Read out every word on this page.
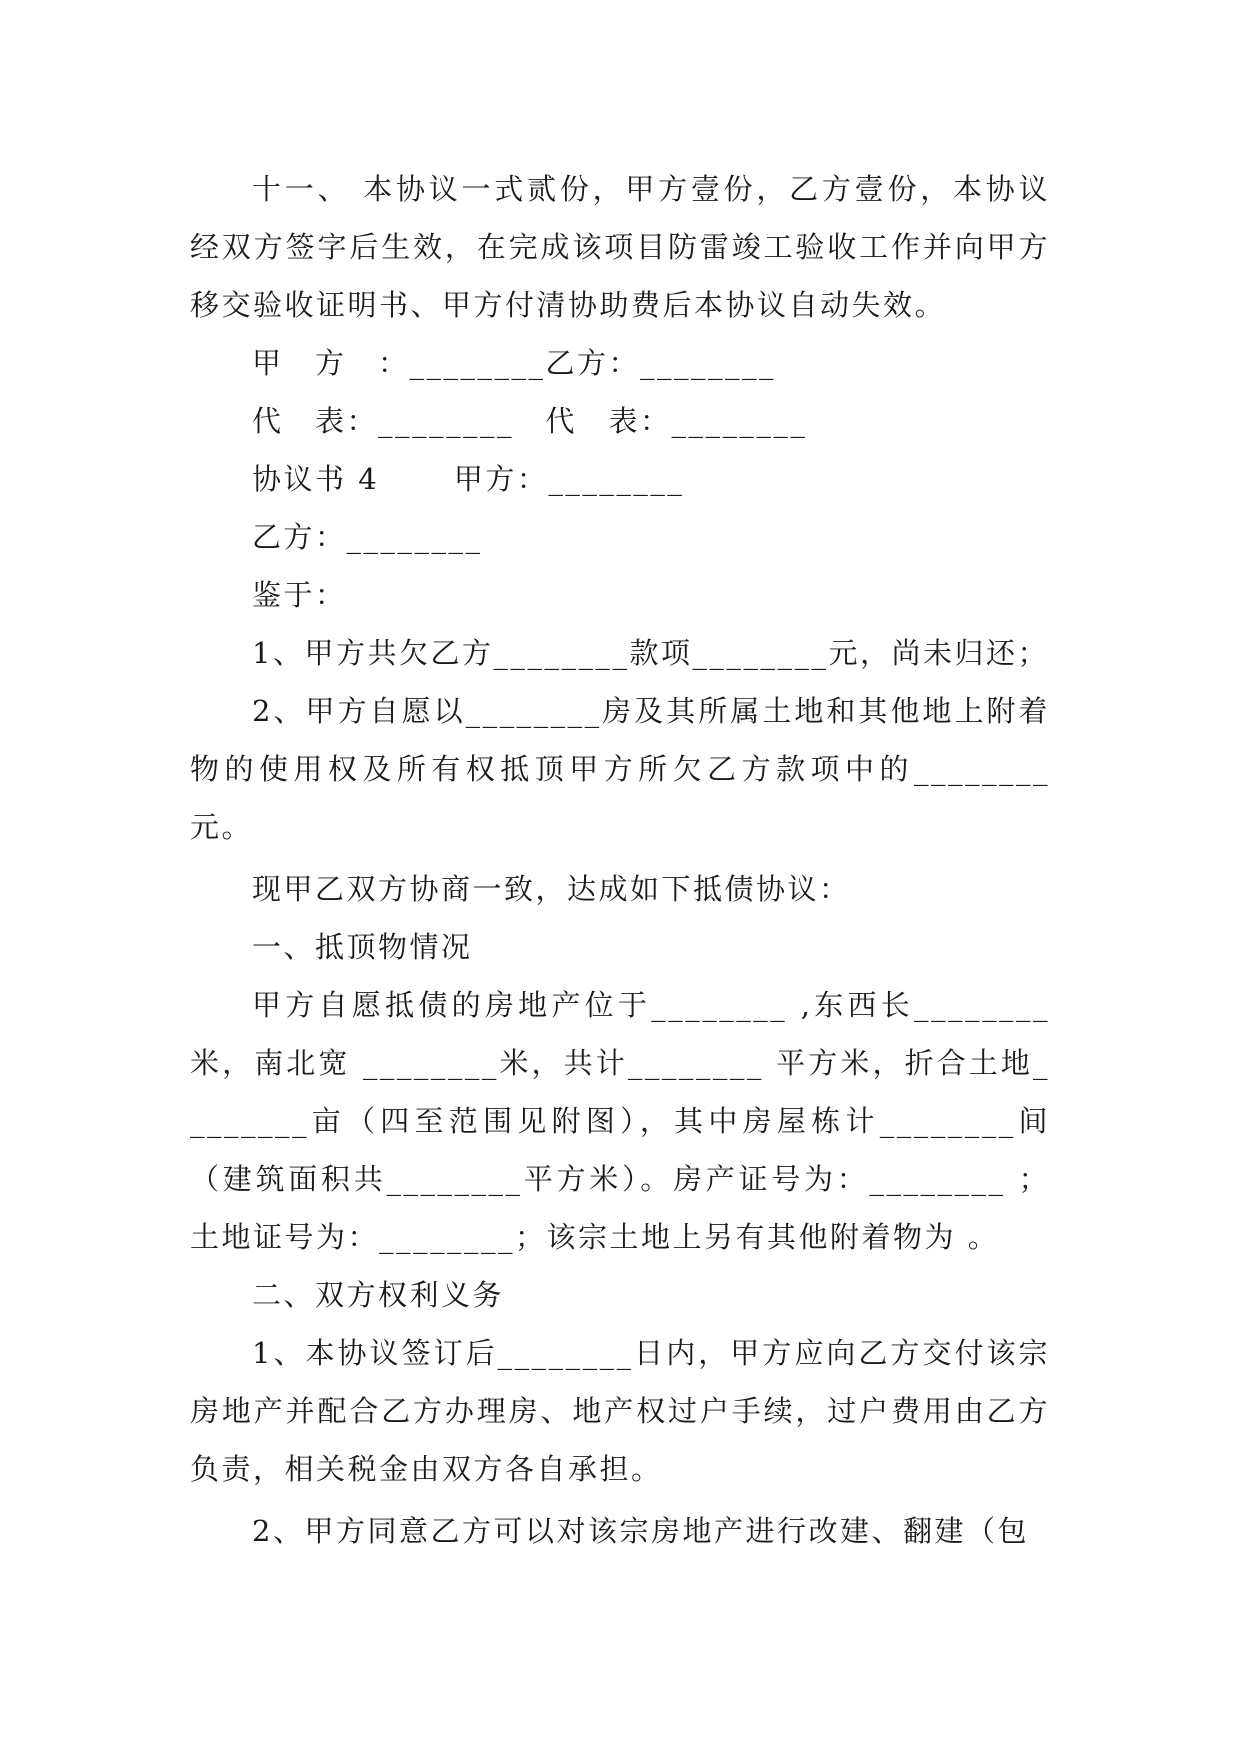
十一、 本协议一式贰份，甲方壹份，乙方壹份，本协议经双方签字后生效，在完成该项目防雷竣工验收工作并向甲方移交验收证明书、甲方付清协助费后本协议自动失效。

甲　方　：________乙方：________

代　表：________　代　表：________

协议书 4　　 甲方：________

乙方：________

鉴于：

1、甲方共欠乙方________款项________元，尚未归还；

2、甲方自愿以________房及其所属土地和其他地上附着物的使用权及所有权抵顶甲方所欠乙方款项中的________元。

现甲乙双方协商一致，达成如下抵债协议：

一、抵顶物情况

甲方自愿抵债的房地产位于________ ,东西长________米，南北宽 ________米，共计________ 平方米，折合土地________亩（四至范围见附图），其中房屋栋计________间（建筑面积共________平方米）。房产证号为：________ ；土地证号为：________；该宗土地上另有其他附着物为 。

二、双方权利义务

1、本协议签订后________日内，甲方应向乙方交付该宗房地产并配合乙方办理房、地产权过户手续，过户费用由乙方负责，相关税金由双方各自承担。

2、甲方同意乙方可以对该宗房地产进行改建、翻建（包
